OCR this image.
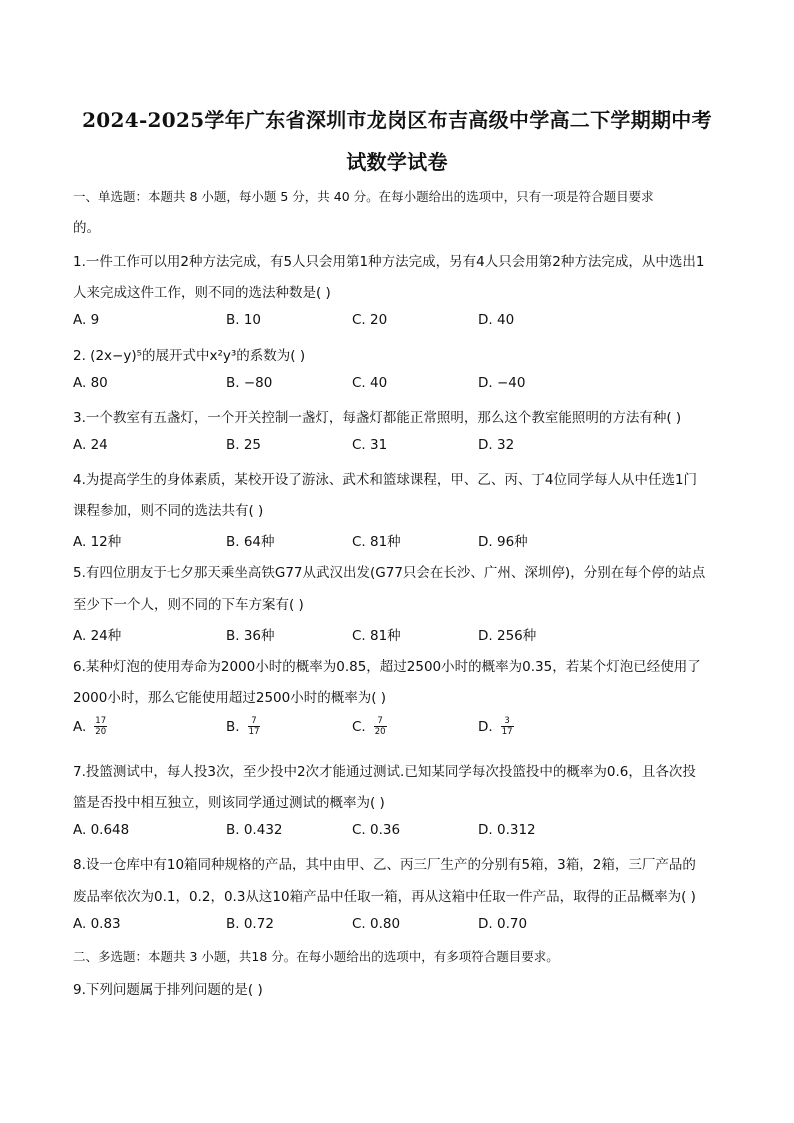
2024-2025学年广东省深圳市龙岗区布吉高级中学高二下学期期中考
试数学试卷
一、单选题：本题共 8 小题，每小题 5 分，共 40 分。在每小题给出的选项中，只有一项是符合题目要求
的。
1.一件工作可以用2种方法完成，有5人只会用第1种方法完成，另有4人只会用第2种方法完成，从中选出1
人来完成这件工作，则不同的选法种数是( )
A. 9	B. 10	C. 20	D. 40
2. (2x−y)⁵的展开式中x²y³的系数为( )
A. 80	B. −80	C. 40	D. −40
3.一个教室有五盏灯，一个开关控制一盏灯，每盏灯都能正常照明，那么这个教室能照明的方法有种( )
A. 24	B. 25	C. 31	D. 32
4.为提高学生的身体素质，某校开设了游泳、武术和篮球课程，甲、乙、丙、丁4位同学每人从中任选1门
课程参加，则不同的选法共有( )
A. 12种	B. 64种	C. 81种	D. 96种
5.有四位朋友于七夕那天乘坐高铁G77从武汉出发(G77只会在长沙、广州、深圳停)，分别在每个停的站点
至少下一个人，则不同的下车方案有( )
A. 24种	B. 36种	C. 81种	D. 256种
6.某种灯泡的使用寿命为2000小时的概率为0.85，超过2500小时的概率为0.35，若某个灯泡已经使用了
2000小时，那么它能使用超过2500小时的概率为( )
A. $\frac{17}{20}$	B. $\frac{7}{17}$	C. $\frac{7}{20}$	D. $\frac{3}{17}$
7.投篮测试中，每人投3次，至少投中2次才能通过测试.已知某同学每次投篮投中的概率为0.6，且各次投
篮是否投中相互独立，则该同学通过测试的概率为( )
A. 0.648	B. 0.432	C. 0.36	D. 0.312
8.设一仓库中有10箱同种规格的产品，其中由甲、乙、丙三厂生产的分别有5箱，3箱，2箱，三厂产品的
废品率依次为0.1，0.2，0.3从这10箱产品中任取一箱，再从这箱中任取一件产品，取得的正品概率为( )
A. 0.83	B. 0.72	C. 0.80	D. 0.70
二、多选题：本题共 3 小题，共18 分。在每小题给出的选项中，有多项符合题目要求。
9.下列问题属于排列问题的是( )
